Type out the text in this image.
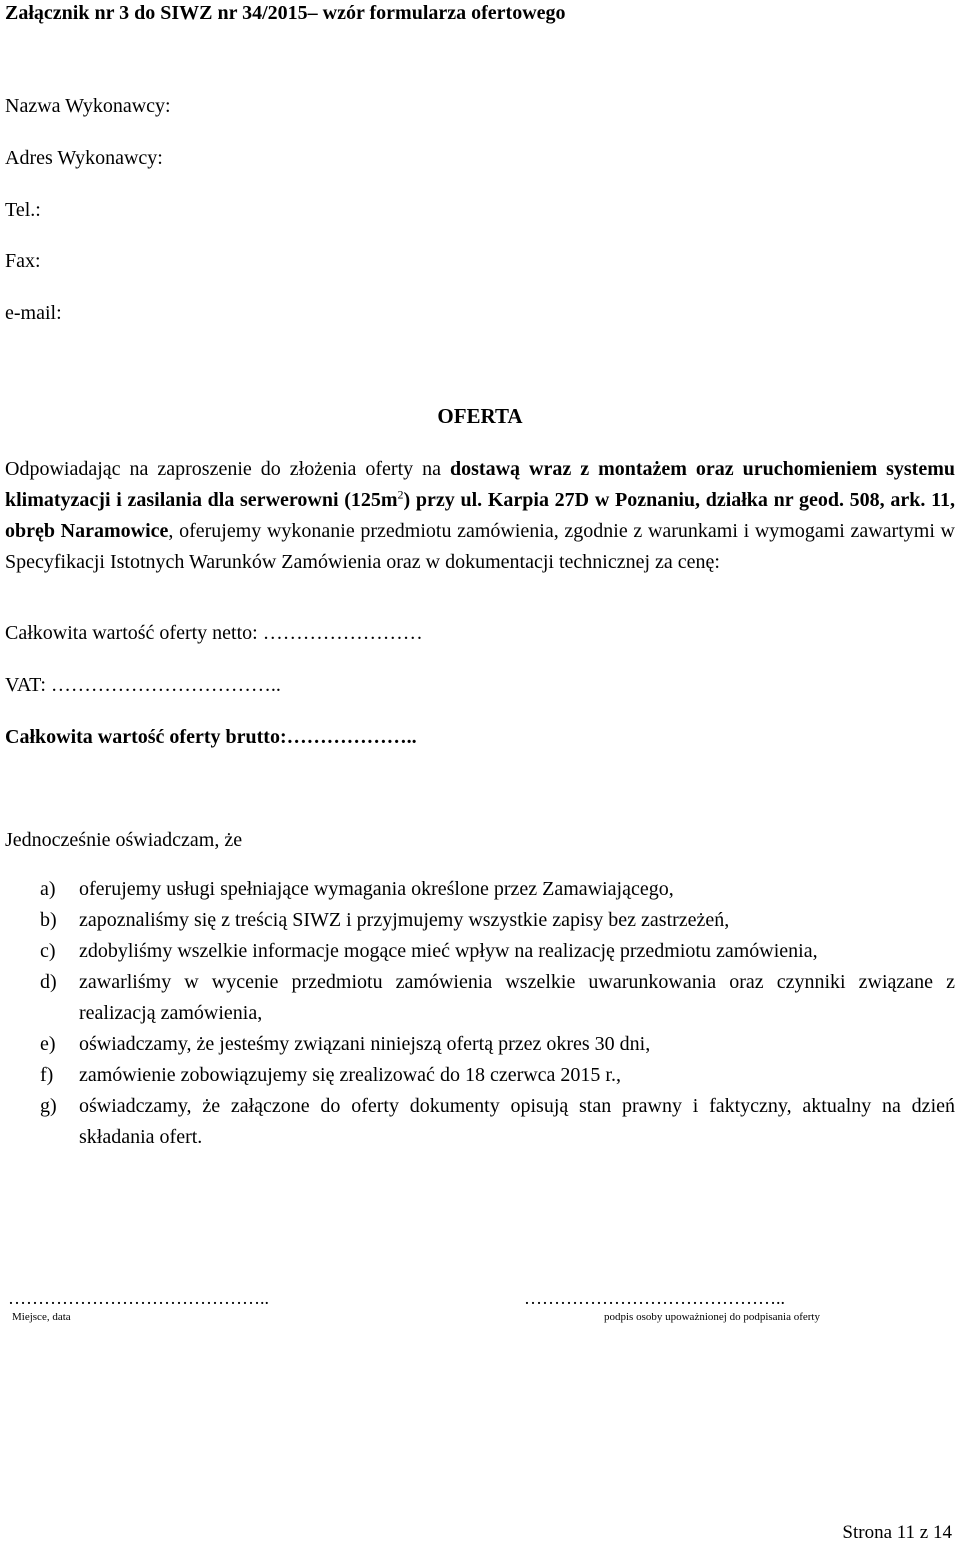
Załącznik nr 3 do SIWZ nr 34/2015– wzór formularza ofertowego
Nazwa Wykonawcy:
Adres Wykonawcy:
Tel.:
Fax:
e-mail:
OFERTA
Odpowiadając na zaproszenie do złożenia oferty na dostawą wraz z montażem oraz uruchomieniem systemu klimatyzacji i zasilania dla serwerowni $(125m^2)$ przy ul. Karpia 27D w Poznaniu, działka nr geod. 508, ark. 11, obręb Naramowice, oferujemy wykonanie przedmiotu zamówienia, zgodnie z warunkami i wymogami zawartymi w Specyfikacji Istotnych Warunków Zamówienia oraz w dokumentacji technicznej za cenę:
Całkowita wartość oferty netto: ……………………
VAT: ……………………………..
Całkowita wartość oferty brutto:………………..
Jednocześnie oświadczam, że
a)	oferujemy usługi spełniające wymagania określone przez Zamawiającego,
b)	zapoznaliśmy się z treścią SIWZ i przyjmujemy wszystkie zapisy bez zastrzeżeń,
c)	zdobyliśmy wszelkie informacje mogące mieć wpływ na realizację przedmiotu zamówienia,
d)	zawarliśmy w wycenie przedmiotu zamówienia wszelkie uwarunkowania oraz czynniki związane z realizacją zamówienia,
e)	oświadczamy, że jesteśmy związani niniejszą ofertą przez okres 30 dni,
f)	zamówienie zobowiązujemy się zrealizować do 18 czerwca 2015 r.,
g)	oświadczamy, że załączone do oferty dokumenty opisują stan prawny i faktyczny, aktualny na dzień składania ofert.
……………………………………..
Miejsce, data
……………………………………..
podpis osoby upoważnionej do podpisania oferty
Strona 11 z 14
